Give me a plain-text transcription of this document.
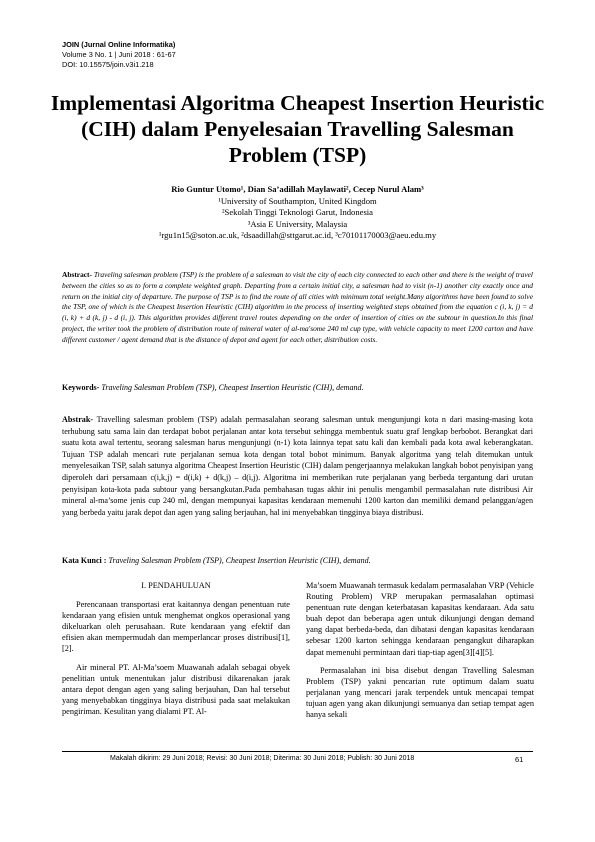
JOIN (Jurnal Online Informatika)
Volume 3 No. 1 | Juni 2018 : 61-67
DOI: 10.15575/join.v3i1.218
Implementasi Algoritma Cheapest Insertion Heuristic (CIH) dalam Penyelesaian Travelling Salesman Problem (TSP)
Rio Guntur Utomo¹, Dian Sa’adillah Maylawati², Cecep Nurul Alam³
¹University of Southampton, United Kingdom
²Sekolah Tinggi Teknologi Garut, Indonesia
³Asia E University, Malaysia
¹rgu1n15@soton.ac.uk, ²dsaadillah@sttgarut.ac.id, ³c70101170003@aeu.edu.my
Abstract- Traveling salesman problem (TSP) is the problem of a salesman to visit the city of each city connected to each other and there is the weight of travel between the cities so as to form a complete weighted graph. Departing from a certain initial city, a salesman had to visit (n-1) another city exactly once and return on the initial city of departure. The purpose of TSP is to find the route of all cities with minimum total weight.Many algorithms have been found to solve the TSP, one of which is the Cheapest Insertion Heuristic (CIH) algorithm in the process of inserting weighted steps obtained from the equation c (i, k, j) = d (i, k) + d (k, j) - d (i, j). This algorithm provides different travel routes depending on the order of insertion of cities on the subtour in question.In this final project, the writer took the problem of distribution route of mineral water of al-ma'some 240 ml cup type, with vehicle capacity to meet 1200 carton and have different customer / agent demand that is the distance of depot and agent for each other, distribution costs.
Keywords- Traveling Salesman Problem (TSP), Cheapest Insertion Heuristic (CIH), demand.
Abstrak- Travelling salesman problem (TSP) adalah permasalahan seorang salesman untuk mengunjungi kota n dari masing-masing kota terhubung satu sama lain dan terdapat bobot perjalanan antar kota tersebut sehingga membentuk suatu graf lengkap berbobot. Berangkat dari suatu kota awal tertentu, seorang salesman harus mengunjungi (n-1) kota lainnya tepat satu kali dan kembali pada kota awal keberangkatan. Tujuan TSP adalah mencari rute perjalanan semua kota dengan total bobot minimum. Banyak algoritma yang telah ditemukan untuk menyelesaikan TSP, salah satunya algoritma Cheapest Insertion Heuristic (CIH) dalam pengerjaannya melakukan langkah bobot penyisipan yang diperoleh dari persamaan c(i,k,j) = d(i,k) + d(k,j) – d(i,j). Algoritma ini memberikan rute perjalanan yang berbeda tergantung dari urutan penyisipan kota-kota pada subtour yang bersangkutan.Pada pembahasan tugas akhir ini penulis mengambil permasalahan rute distribusi Air mineral al-ma’some jenis cup 240 ml, dengan mempunyai kapasitas kendaraan memenuhi 1200 karton dan memiliki demand pelanggan/agen yang berbeda yaitu jarak depot dan agen yang saling berjauhan, hal ini menyebabkan tingginya biaya distribusi.
Kata Kunci : Traveling Salesman Problem (TSP), Cheapest Insertion Heuristic (CIH), demand.
I. PENDAHULUAN

Perencanaan transportasi erat kaitannya dengan penentuan rute kendaraan yang efisien untuk menghemat ongkos operasional yang dikeluarkan oleh perusahaan. Rute kendaraan yang efektif dan efisien akan mempermudah dan memperlancar proses distribusi[1], [2].

Air mineral PT. Al-Ma’soem Muawanah adalah sebagai obyek penelitian untuk menentukan jalur distribusi dikarenakan jarak antara depot dengan agen yang saling berjauhan, Dan hal tersebut yang menyebabkan tingginya biaya distribusi pada saat melakukan pengiriman. Kesulitan yang dialami PT. Al-

Ma’soem Muawanah termasuk kedalam permasalahan VRP (Vehicle Routing Problem) VRP merupakan permasalahan optimasi penentuan rute dengan keterbatasan kapasitas kendaraan. Ada satu buah depot dan beberapa agen untuk dikunjungi dengan demand yang dapat berbeda-beda, dan dibatasi dengan kapasitas kendaraan sebesar 1200 karton sehingga kendaraan pengangkut diharapkan dapat memenuhi permintaan dari tiap-tiap agen[3][4][5].

Permasalahan ini bisa disebut dengan Travelling Salesman Problem (TSP) yakni pencarian rute optimum dalam suatu perjalanan yang mencari jarak terpendek untuk mencapai tempat tujuan agen yang akan dikunjungi semuanya dan setiap tempat agen hanya sekali

Makalah dikirim: 29 Juni 2018; Revisi: 30 Juni 2018; Diterima: 30 Juni 2018; Publish: 30 Juni 2018	61
